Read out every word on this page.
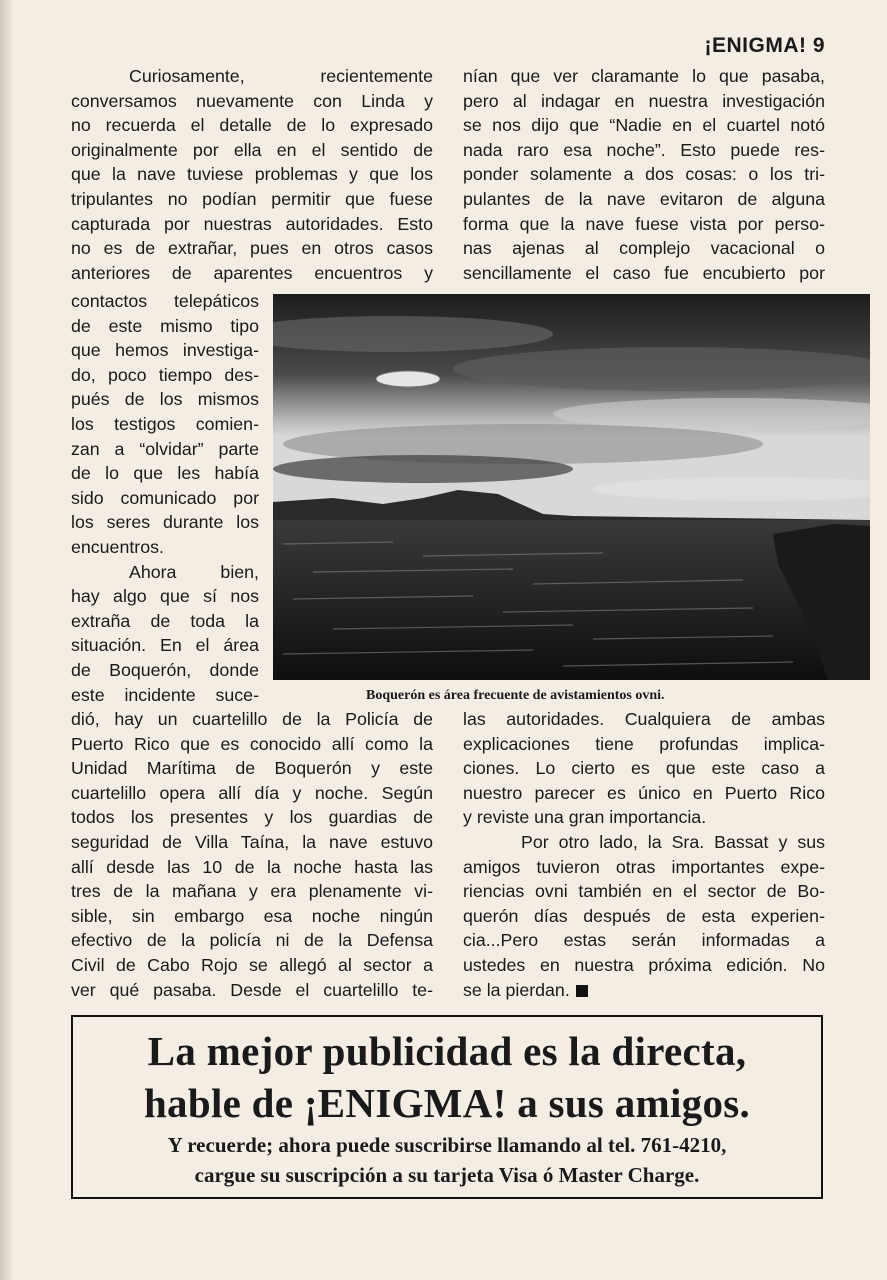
¡ENIGMA! 9
Curiosamente, recientemente
conversamos nuevamente con Linda y
no recuerda el detalle de lo expresado
originalmente por ella en el sentido de
que la nave tuviese problemas y que los
tripulantes no podían permitir que fuese
capturada por nuestras autoridades. Esto
no es de extrañar, pues en otros casos
anteriores de aparentes encuentros y
contactos telepáticos
de este mismo tipo
que hemos investiga-
do, poco tiempo des-
pués de los mismos
los testigos comien-
zan a “olvidar” parte
de lo que les había
sido comunicado por
los seres durante los
encuentros.
Ahora bien,
hay algo que sí nos
extraña de toda la
situación. En el área
de Boquerón, donde
este incidente suce-
dió, hay un cuartelillo de la Policía de
Puerto Rico que es conocido allí como la
Unidad Marítima de Boquerón y este
cuartelillo opera allí día y noche. Según
todos los presentes y los guardias de
seguridad de Villa Taína, la nave estuvo
allí desde las 10 de la noche hasta las
tres de la mañana y era plenamente vi-
sible, sin embargo esa noche ningún
efectivo de la policía ni de la Defensa
Civil de Cabo Rojo se allegó al sector a
ver qué pasaba. Desde el cuartelillo te-
nían que ver claramante lo que pasaba,
pero al indagar en nuestra investigación
se nos dijo que “Nadie en el cuartel notó
nada raro esa noche”. Esto puede res-
ponder solamente a dos cosas: o los tri-
pulantes de la nave evitaron de alguna
forma que la nave fuese vista por perso-
nas ajenas al complejo vacacional o
sencillamente el caso fue encubierto por
las autoridades. Cualquiera de ambas
explicaciones tiene profundas implica-
ciones. Lo cierto es que este caso a
nuestro parecer es único en Puerto Rico
y reviste una gran importancia.
Por otro lado, la Sra. Bassat y sus
amigos tuvieron otras importantes expe-
riencias ovni también en el sector de Bo-
querón días después de esta experien-
cia...Pero estas serán informadas a
ustedes en nuestra próxima edición. No
se la pierdan.
Boquerón es área frecuente de avistamientos ovni.
La mejor publicidad es la directa,
hable de ¡ENIGMA! a sus amigos.
Y recuerde; ahora puede suscribirse llamando al tel. 761-4210,
cargue su suscripción a su tarjeta Visa ó Master Charge.
